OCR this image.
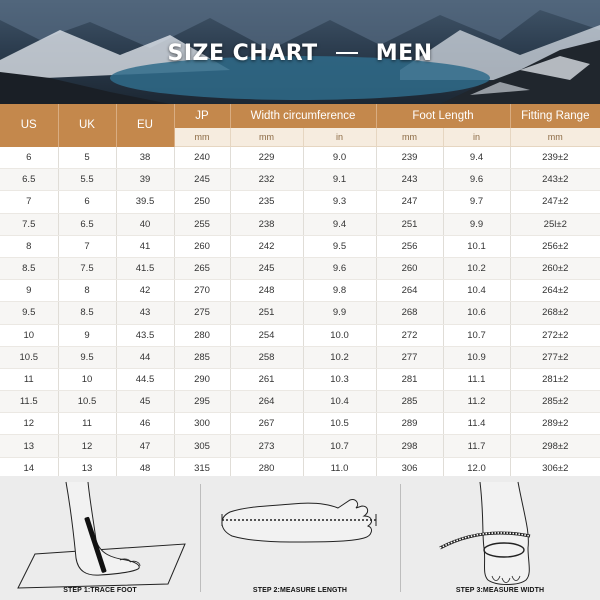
SIZE CHART	MEN
US	UK	EU	JP	Width circumference		Foot Length		Fitting Range
			mm	mm	in	mm	in	mm
6	5	38	240	229	9.0	239	9.4	239±2
6.5	5.5	39	245	232	9.1	243	9.6	243±2
7	6	39.5	250	235	9.3	247	9.7	247±2
7.5	6.5	40	255	238	9.4	251	9.9	25l±2
8	7	41	260	242	9.5	256	10.1	256±2
8.5	7.5	41.5	265	245	9.6	260	10.2	260±2
9	8	42	270	248	9.8	264	10.4	264±2
9.5	8.5	43	275	251	9.9	268	10.6	268±2
10	9	43.5	280	254	10.0	272	10.7	272±2
10.5	9.5	44	285	258	10.2	277	10.9	277±2
11	10	44.5	290	261	10.3	281	11.1	281±2
11.5	10.5	45	295	264	10.4	285	11.2	285±2
12	11	46	300	267	10.5	289	11.4	289±2
13	12	47	305	273	10.7	298	11.7	298±2
14	13	48	315	280	11.0	306	12.0	306±2

STEP 1:TRACE FOOT	STEP 2:MEASURE LENGTH	STEP 3:MEASURE WIDTH
